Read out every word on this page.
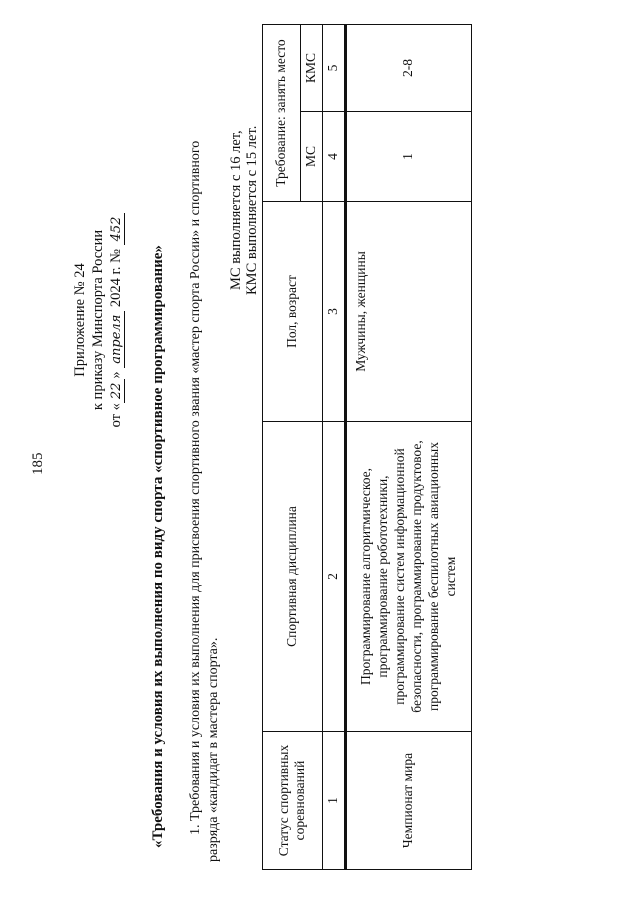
185
Приложение № 24 к приказу Минспорта России
от «22» апреля 2024 г. № 452
«Требования и условия их выполнения по виду спорта «спортивное программирование» 1. Требования и условия их выполнения для присвоения спортивного звания «мастер спорта России» и спортивного разряда «кандидат в мастера спорта».
МС выполняется с 16 лет, КМС выполняется с 15 лет.
Статус спортивных соревнований	Спортивная дисциплина	Пол, возраст	Требование: занять место	
			МС	КМС
1	2	3	4	5
Чемпионат мира	Программирование алгоритмическое, программирование робототехники, программирование систем информационной безопасности, программирование продуктовое, программирование беспилотных авиационных систем	Мужчины, женщины	1	2-8
